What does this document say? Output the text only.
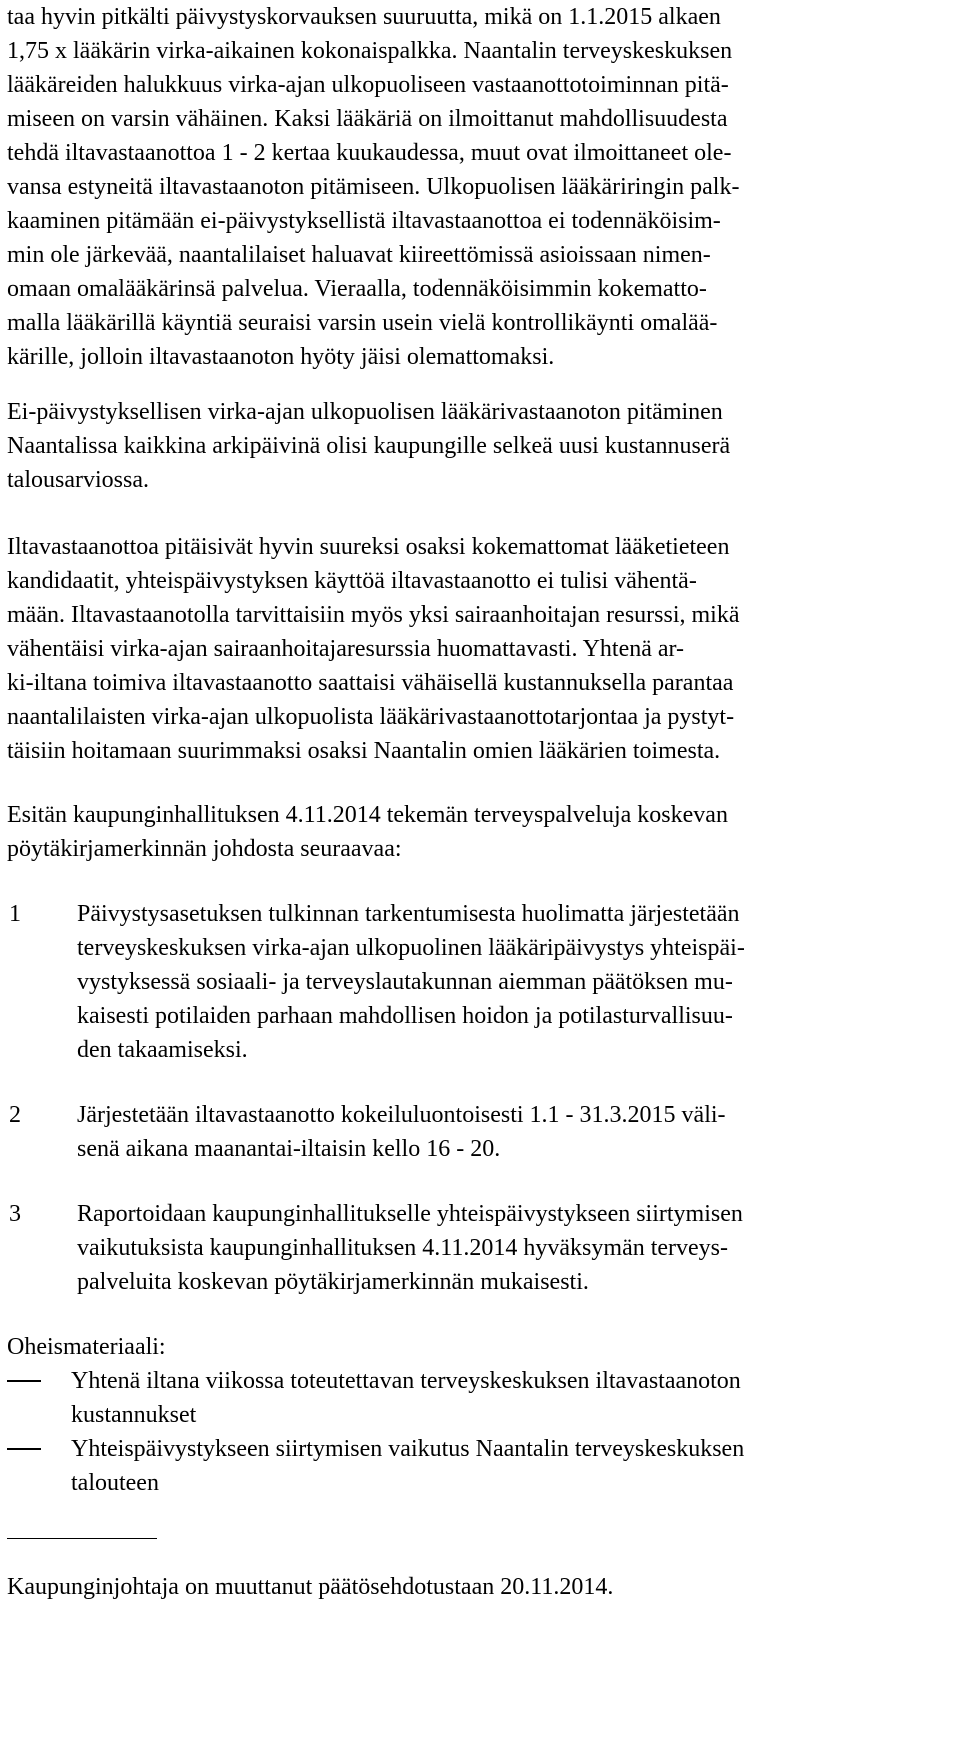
taa hyvin pitkälti päivystyskorvauksen suuruutta, mikä on 1.1.2015 alkaen
1,75 x lääkärin virka-aikainen kokonaispalkka. Naantalin terveyskeskuksen
lääkäreiden halukkuus virka-ajan ulkopuoliseen vastaanottotoiminnan pitä-
miseen on varsin vähäinen. Kaksi lääkäriä on ilmoittanut mahdollisuudesta
tehdä iltavastaanottoa 1 - 2 kertaa kuukaudessa, muut ovat ilmoittaneet ole-
vansa estyneitä iltavastaanoton pitämiseen. Ulkopuolisen lääkäriringin palk-
kaaminen pitämään ei-päivystyksellistä iltavastaanottoa ei todennäköisim-
min ole järkevää, naantalilaiset haluavat kiireettömissä asioissaan nimen-
omaan omalääkärinsä palvelua. Vieraalla, todennäköisimmin kokematto-
malla lääkärillä käyntiä seuraisi varsin usein vielä kontrollikäynti omalää-
kärille, jolloin iltavastaanoton hyöty jäisi olemattomaksi.
Ei-päivystyksellisen virka-ajan ulkopuolisen lääkärivastaanoton pitäminen
Naantalissa kaikkina arkipäivinä olisi kaupungille selkeä uusi kustannuserä
talousarviossa.
Iltavastaanottoa pitäisivät hyvin suureksi osaksi kokemattomat lääketieteen
kandidaatit, yhteispäivystyksen käyttöä iltavastaanotto ei tulisi vähentä-
mään. Iltavastaanotolla tarvittaisiin myös yksi sairaanhoitajan resurssi, mikä
vähentäisi virka-ajan sairaanhoitajaresurssia huomattavasti. Yhtenä ar-
ki-iltana toimiva iltavastaanotto saattaisi vähäisellä kustannuksella parantaa
naantalilaisten virka-ajan ulkopuolista lääkärivastaanottotarjontaa ja pystyt-
täisiin hoitamaan suurimmaksi osaksi Naantalin omien lääkärien toimesta.
Esitän kaupunginhallituksen 4.11.2014 tekemän terveyspalveluja koskevan
pöytäkirjamerkinnän johdosta seuraavaa:
1 Päivystysasetuksen tulkinnan tarkentumisesta huolimatta järjestetään
terveyskeskuksen virka-ajan ulkopuolinen lääkäripäivystys yhteispäi-
vystyksessä sosiaali- ja terveyslautakunnan aiemman päätöksen mu-
kaisesti potilaiden parhaan mahdollisen hoidon ja potilasturvallisuu-
den takaamiseksi.
2 Järjestetään iltavastaanotto kokeiluluontoisesti 1.1 - 31.3.2015 väli-
senä aikana maanantai-iltaisin kello 16 - 20.
3 Raportoidaan kaupunginhallitukselle yhteispäivystykseen siirtymisen
vaikutuksista kaupunginhallituksen 4.11.2014 hyväksymän terveys-
palveluita koskevan pöytäkirjamerkinnän mukaisesti.
Oheismateriaali:
Yhtenä iltana viikossa toteutettavan terveyskeskuksen iltavastaanoton
kustannukset
Yhteispäivystykseen siirtymisen vaikutus Naantalin terveyskeskuksen
talouteen
Kaupunginjohtaja on muuttanut päätösehdotustaan 20.11.2014.
